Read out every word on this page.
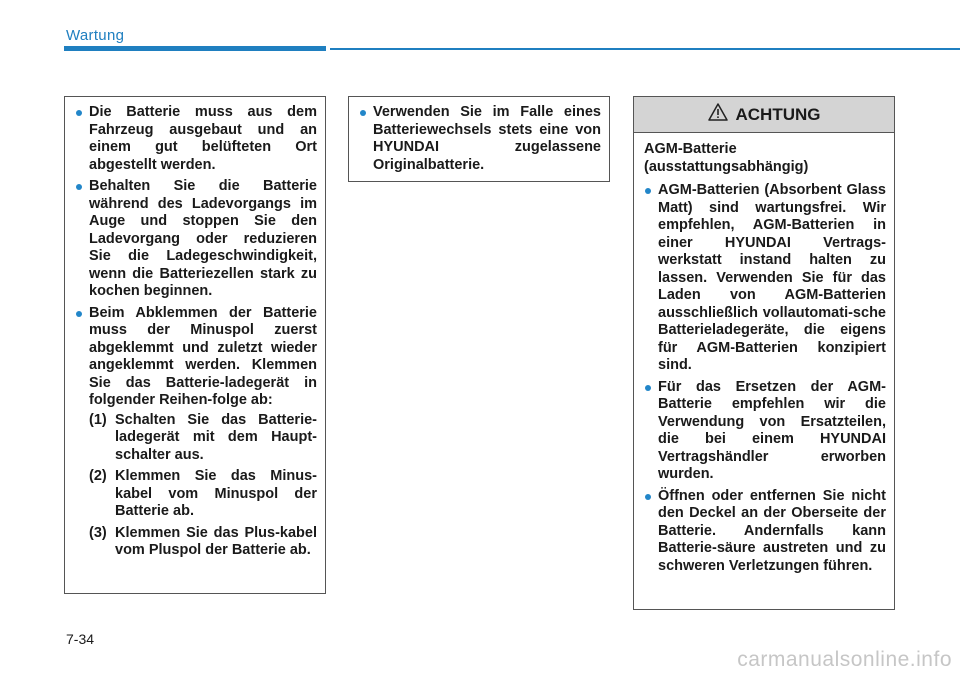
Wartung
Die Batterie muss aus dem Fahrzeug ausgebaut und an einem gut belüfteten Ort abgestellt werden.
Behalten Sie die Batterie während des Ladevorgangs im Auge und stoppen Sie den Ladevorgang oder reduzieren Sie die Ladegeschwindigkeit, wenn die Batteriezellen stark zu kochen beginnen.
Beim Abklemmen der Batterie muss der Minuspol zuerst abgeklemmt und zuletzt wieder angeklemmt werden. Klemmen Sie das Batterie-ladegerät in folgender Reihen-folge ab:
(1) Schalten Sie das Batterie-ladegerät mit dem Haupt-schalter aus.
(2) Klemmen Sie das Minus-kabel vom Minuspol der Batterie ab.
(3) Klemmen Sie das Plus-kabel vom Pluspol der Batterie ab.
Verwenden Sie im Falle eines Batteriewechsels stets eine von HYUNDAI zugelassene Originalbatterie.
ACHTUNG

AGM-Batterie
(ausstattungsabhängig)

AGM-Batterien (Absorbent Glass Matt) sind wartungsfrei. Wir empfehlen, AGM-Batterien in einer HYUNDAI Vertrags-werkstatt instand halten zu lassen. Verwenden Sie für das Laden von AGM-Batterien ausschließlich vollautomati-sche Batterieladegeräte, die eigens für AGM-Batterien konzipiert sind.
Für das Ersetzen der AGM-Batterie empfehlen wir die Verwendung von Ersatzteilen, die bei einem HYUNDAI Vertragshändler erworben wurden.
Öffnen oder entfernen Sie nicht den Deckel an der Oberseite der Batterie. Andernfalls kann Batterie-säure austreten und zu schweren Verletzungen führen.
7-34
carmanualsonline.info
